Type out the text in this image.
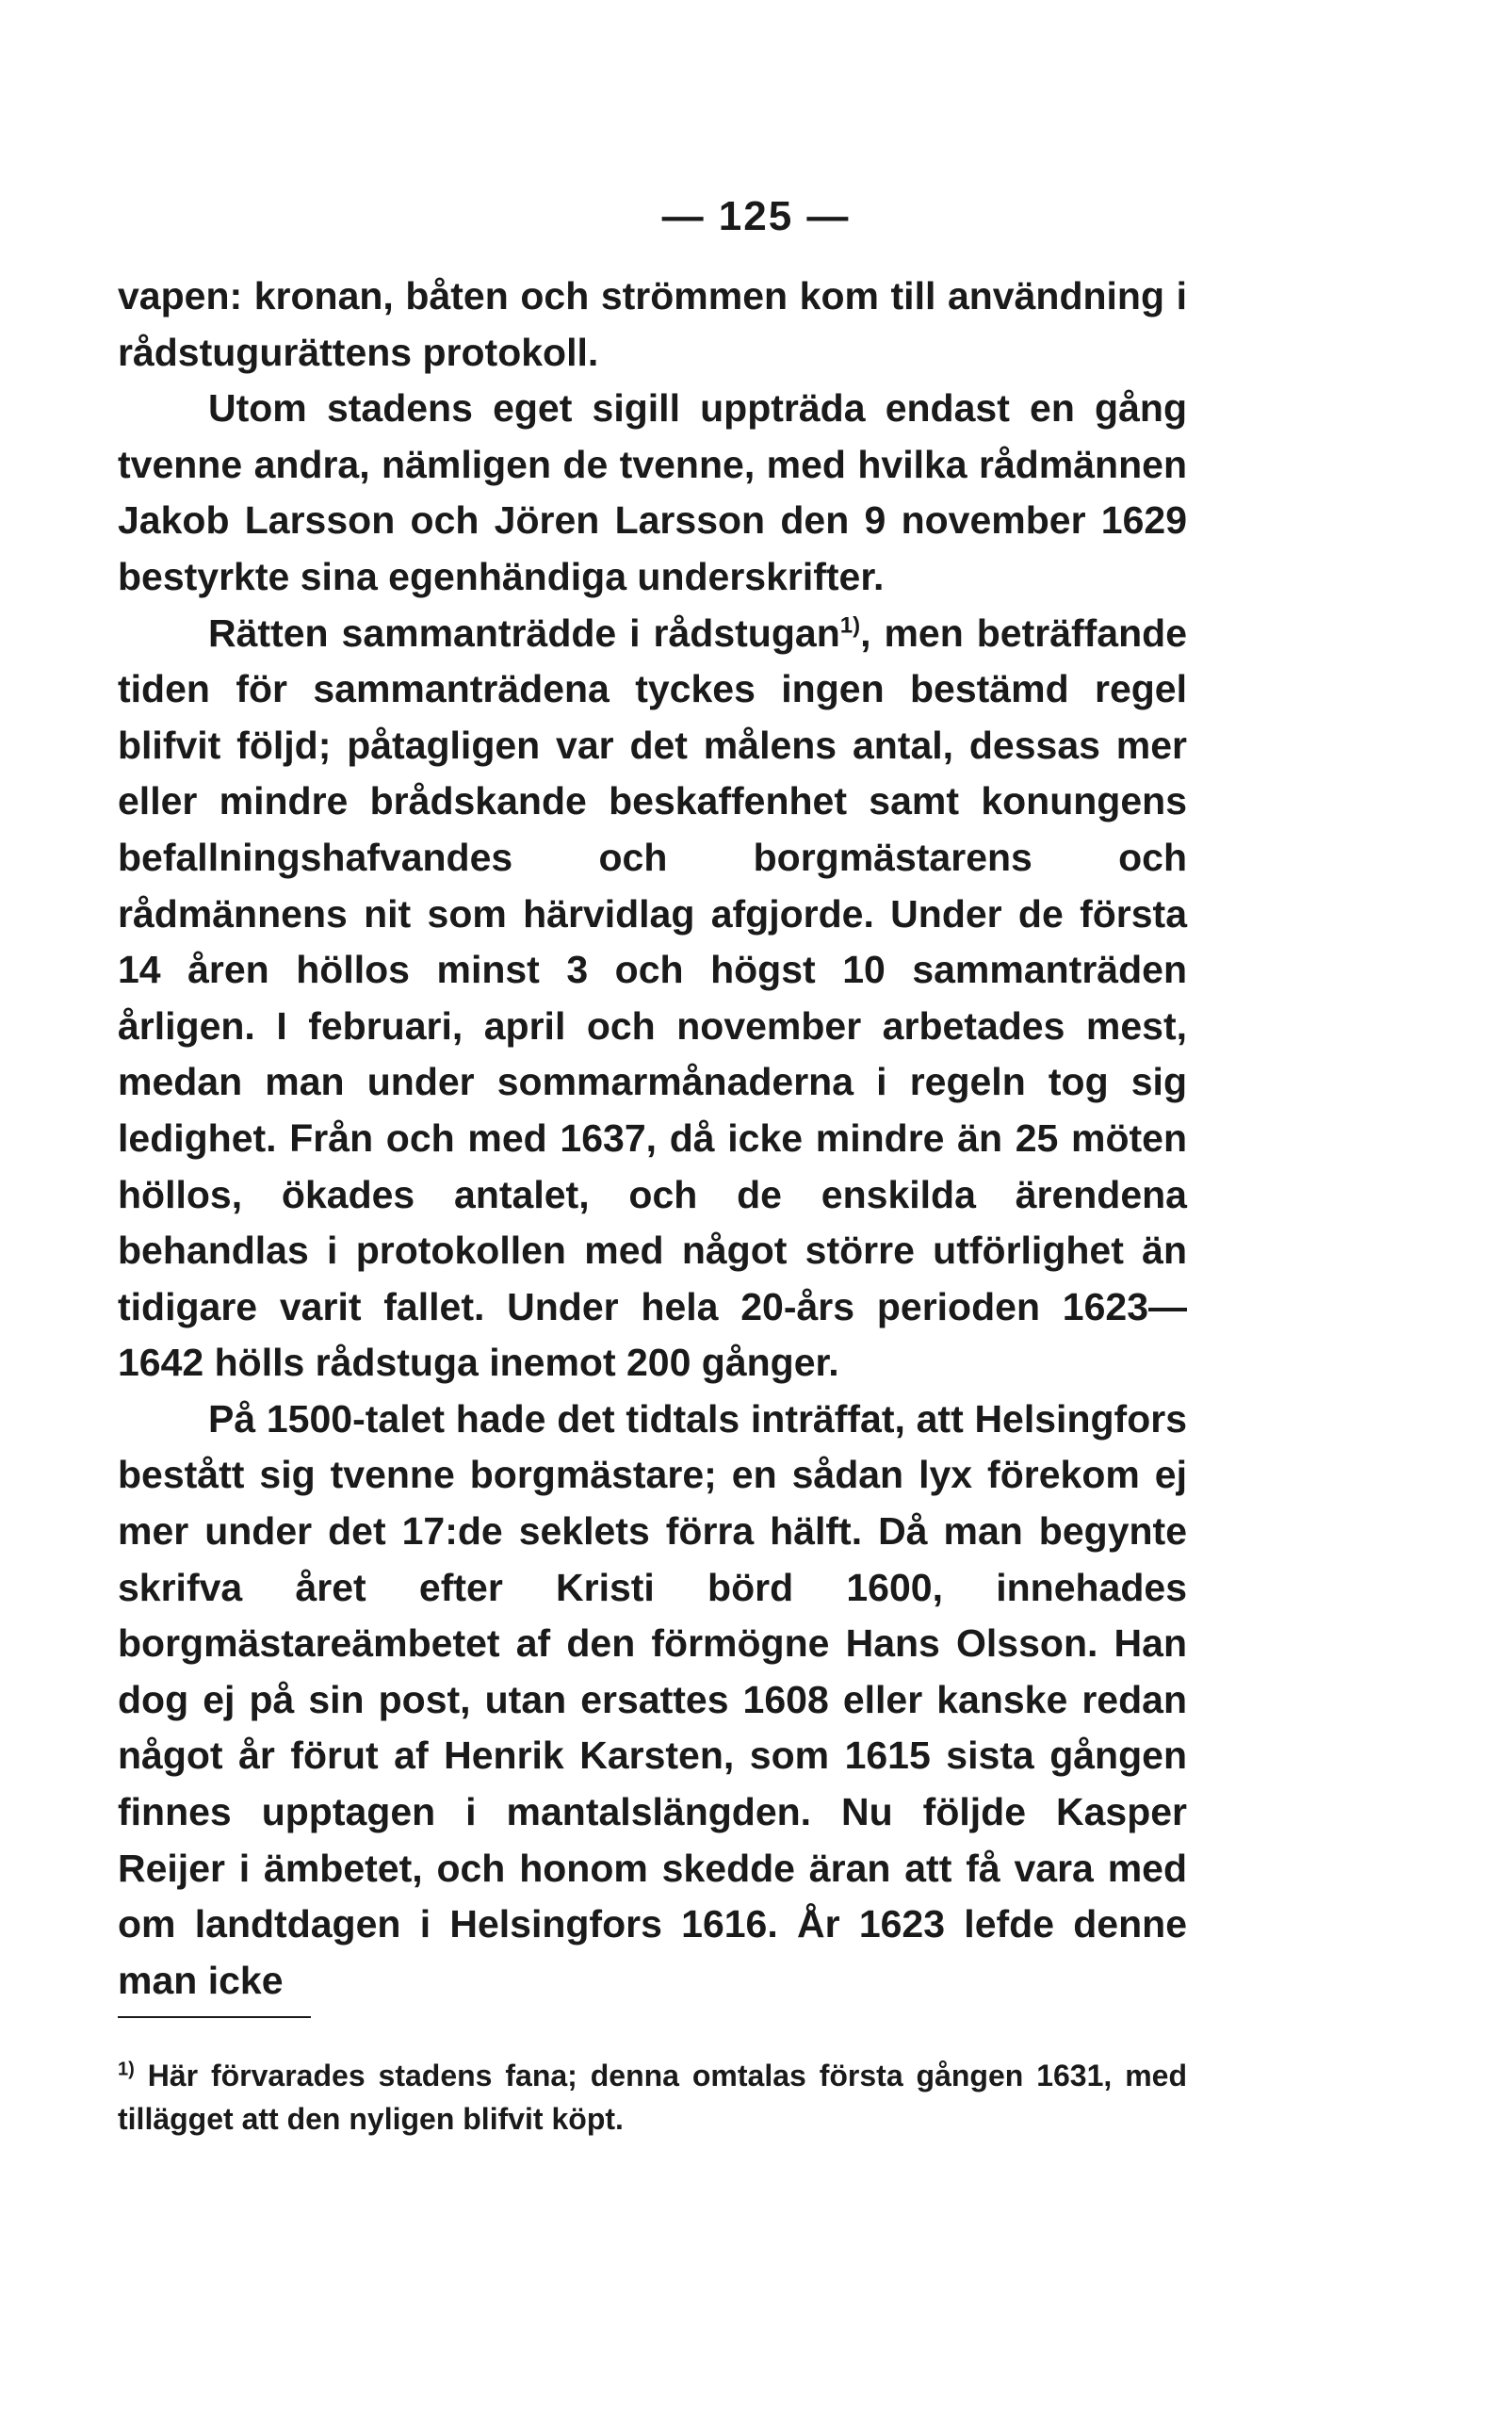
— 125 —

vapen: kronan, båten och strömmen kom till användning i rådstugurättens protokoll.

Utom stadens eget sigill uppträda endast en gång tvenne andra, nämligen de tvenne, med hvilka rådmännen Jakob Larsson och Jören Larsson den 9 november 1629 bestyrkte sina egenhändiga underskrifter.

Rätten sammanträdde i rådstugan$^{1)}$, men beträffande tiden för sammanträdena tyckes ingen bestämd regel blifvit följd; påtagligen var det målens antal, dessas mer eller mindre brådskande beskaffenhet samt konungens befallningshafvandes och borgmästarens och rådmännens nit som härvidlag afgjorde. Under de första 14 åren höllos minst 3 och högst 10 sammanträden årligen. I februari, april och november arbetades mest, medan man under sommarmånaderna i regeln tog sig ledighet. Från och med 1637, då icke mindre än 25 möten höllos, ökades antalet, och de enskilda ärendena behandlas i protokollen med något större utförlighet än tidigare varit fallet. Under hela 20-års perioden 1623—1642 hölls rådstuga inemot 200 gånger.

På 1500-talet hade det tidtals inträffat, att Helsingfors bestått sig tvenne borgmästare; en sådan lyx förekom ej mer under det 17:de seklets förra hälft. Då man begynte skrifva året efter Kristi börd 1600, innehades borgmästareämbetet af den förmögne Hans Olsson. Han dog ej på sin post, utan ersattes 1608 eller kanske redan något år förut af Henrik Karsten, som 1615 sista gången finnes upptagen i mantalslängden. Nu följde Kasper Reijer i ämbetet, och honom skedde äran att få vara med om landtdagen i Helsingfors 1616. År 1623 lefde denne man icke

$^{1)}$ Här förvarades stadens fana; denna omtalas första gången 1631, med tillägget att den nyligen blifvit köpt.
